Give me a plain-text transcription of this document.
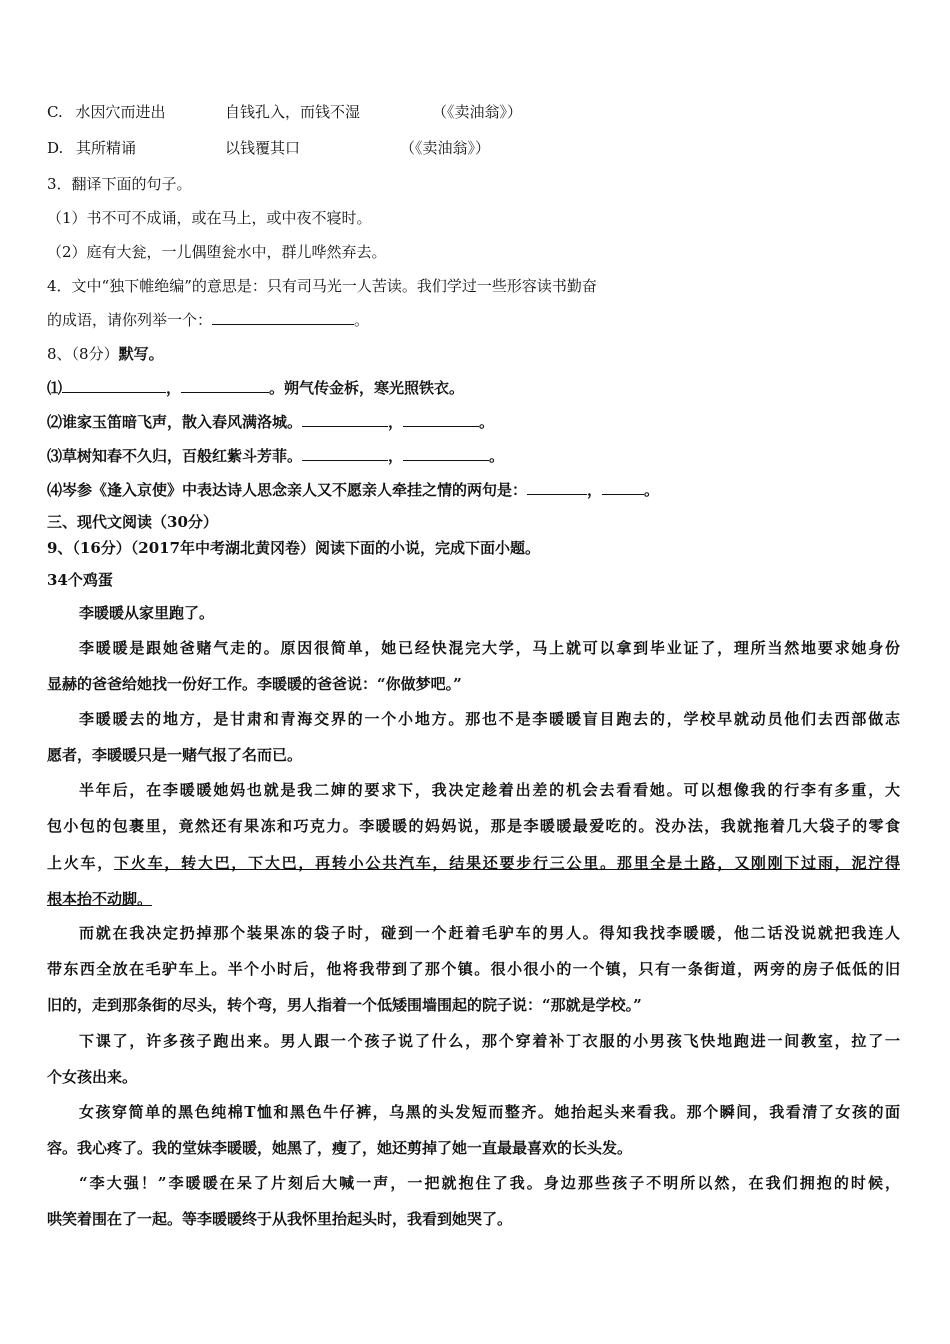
C. 水因穴而进出	自钱孔入，而钱不湿	（《卖油翁》）
D. 其所精诵	以钱覆其口	（《卖油翁》）
3．翻译下面的句子。
（1）书不可不成诵，或在马上，或中夜不寝时。
（2）庭有大瓮，一儿偶堕瓮水中，群儿哗然弃去。
4．文中“独下帷绝编”的意思是：只有司马光一人苦读。我们学过一些形容读书勤奋
的成语，请你列举一个：	。
8、（8分）默写。
⑴	，	。朔气传金柝，寒光照铁衣。
⑵谁家玉笛暗飞声，散入春风满洛城。	，	。
⑶草树知春不久归，百般红紫斗芳菲。	，	。
⑷岑参《逢入京使》中表达诗人思念亲人又不愿亲人牵挂之情的两句是：	，	。
三、现代文阅读（30分）
9、（16分）（2017年中考湖北黄冈卷）阅读下面的小说，完成下面小题。
34个鸡蛋
李暖暖从家里跑了。
李暖暖是跟她爸赌气走的。原因很简单，她已经快混完大学，马上就可以拿到毕业证了，理所当然地要求她身份
显赫的爸爸给她找一份好工作。李暖暖的爸爸说：“你做梦吧。”
李暖暖去的地方，是甘肃和青海交界的一个小地方。那也不是李暖暖盲目跑去的，学校早就动员他们去西部做志
愿者，李暖暖只是一赌气报了名而已。
半年后，在李暖暖她妈也就是我二婶的要求下，我决定趁着出差的机会去看看她。可以想像我的行李有多重，大
包小包的包裹里，竟然还有果冻和巧克力。李暖暖的妈妈说，那是李暖暖最爱吃的。没办法，我就拖着几大袋子的零食
上火车，下火车，转大巴，下大巴，再转小公共汽车，结果还要步行三公里。那里全是土路，又刚刚下过雨，泥泞得
根本抬不动脚。
而就在我决定扔掉那个装果冻的袋子时，碰到一个赶着毛驴车的男人。得知我找李暖暖，他二话没说就把我连人
带东西全放在毛驴车上。半个小时后，他将我带到了那个镇。很小很小的一个镇，只有一条街道，两旁的房子低低的旧
旧的，走到那条街的尽头，转个弯，男人指着一个低矮围墙围起的院子说：“那就是学校。”
下课了，许多孩子跑出来。男人跟一个孩子说了什么，那个穿着补丁衣服的小男孩飞快地跑进一间教室，拉了一
个女孩出来。
女孩穿简单的黑色纯棉T恤和黑色牛仔裤，乌黑的头发短而整齐。她抬起头来看我。那个瞬间，我看清了女孩的面
容。我心疼了。我的堂妹李暖暖，她黑了，瘦了，她还剪掉了她一直最最喜欢的长头发。
“李大强！”李暖暖在呆了片刻后大喊一声，一把就抱住了我。身边那些孩子不明所以然，在我们拥抱的时候，
哄笑着围在了一起。等李暖暖终于从我怀里抬起头时，我看到她哭了。
